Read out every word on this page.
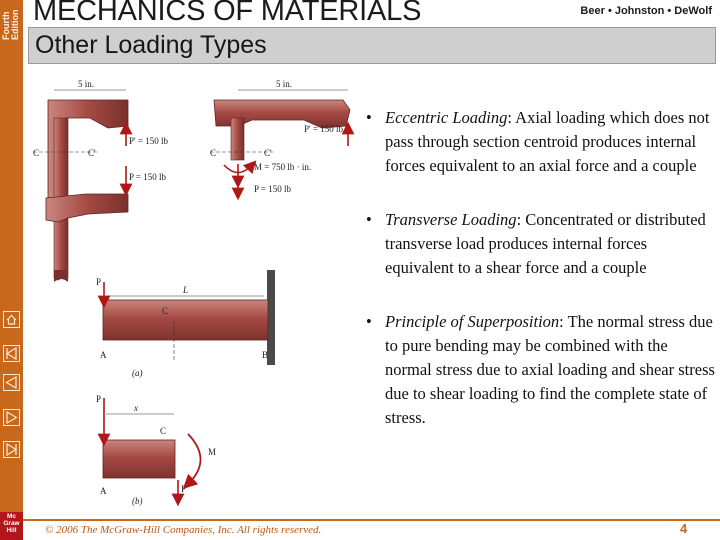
Fourth Edition
Mc
Graw
Hill
MECHANICS OF MATERIALS	Beer • Johnston • DeWolf
Other Loading Types
5 in.
C	C'
P' = 150 lb
P = 150 lb
5 in.
C	C'
P' = 150 lb
M = 750 lb · in.
P = 150 lb
P
L
C
A	B
(a)
P
x
C
P'
M
A
(b)
• Eccentric Loading: Axial loading which does not pass through section centroid produces internal forces equivalent to an axial force and a couple
• Transverse Loading: Concentrated or distributed transverse load produces internal forces equivalent to a shear force and a couple
• Principle of Superposition: The normal stress due to pure bending may be combined with the normal stress due to axial loading and shear stress due to shear loading to find the complete state of stress.
© 2006 The McGraw-Hill Companies, Inc. All rights reserved.	4
